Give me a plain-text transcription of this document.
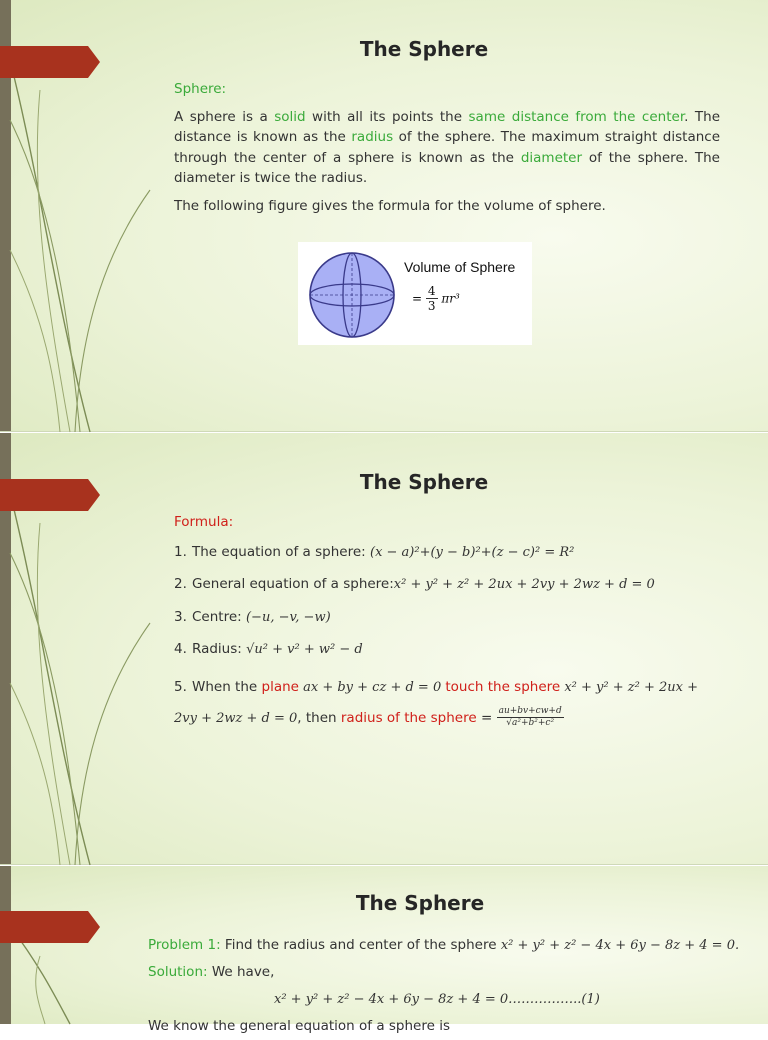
The Sphere
Sphere:

A sphere is a solid with all its points the same distance from the center. The distance is known as the radius of the sphere. The maximum straight distance through the center of a sphere is known as the diameter of the sphere. The diameter is twice the radius.

The following figure gives the formula for the volume of sphere.

Volume of Sphere
= $\frac{4}{3} \pi r^3$
The Sphere
Formula:
1. The equation of a sphere: (x − a)²+(y − b)²+(z − c)² = R²
2. General equation of a sphere:x² + y² + z² + 2ux + 2vy + 2wz + d = 0
3. Centre: (−u, −v, −w)
4. Radius: √u² + v² + w² − d
5. When the plane ax + by + cz + d = 0 touch the sphere x² + y² + z² + 2ux +
2vy + 2wz + d = 0, then radius of the sphere = $\frac{au+bv+cw+d}{\text{√a²+b²+c²}}$
The Sphere
Problem 1: Find the radius and center of the sphere x² + y² + z² − 4x + 6y − 8z + 4 = 0.
Solution: We have,
x² + y² + z² − 4x + 6y − 8z + 4 = 0……………..(1)
We know the general equation of a sphere is
